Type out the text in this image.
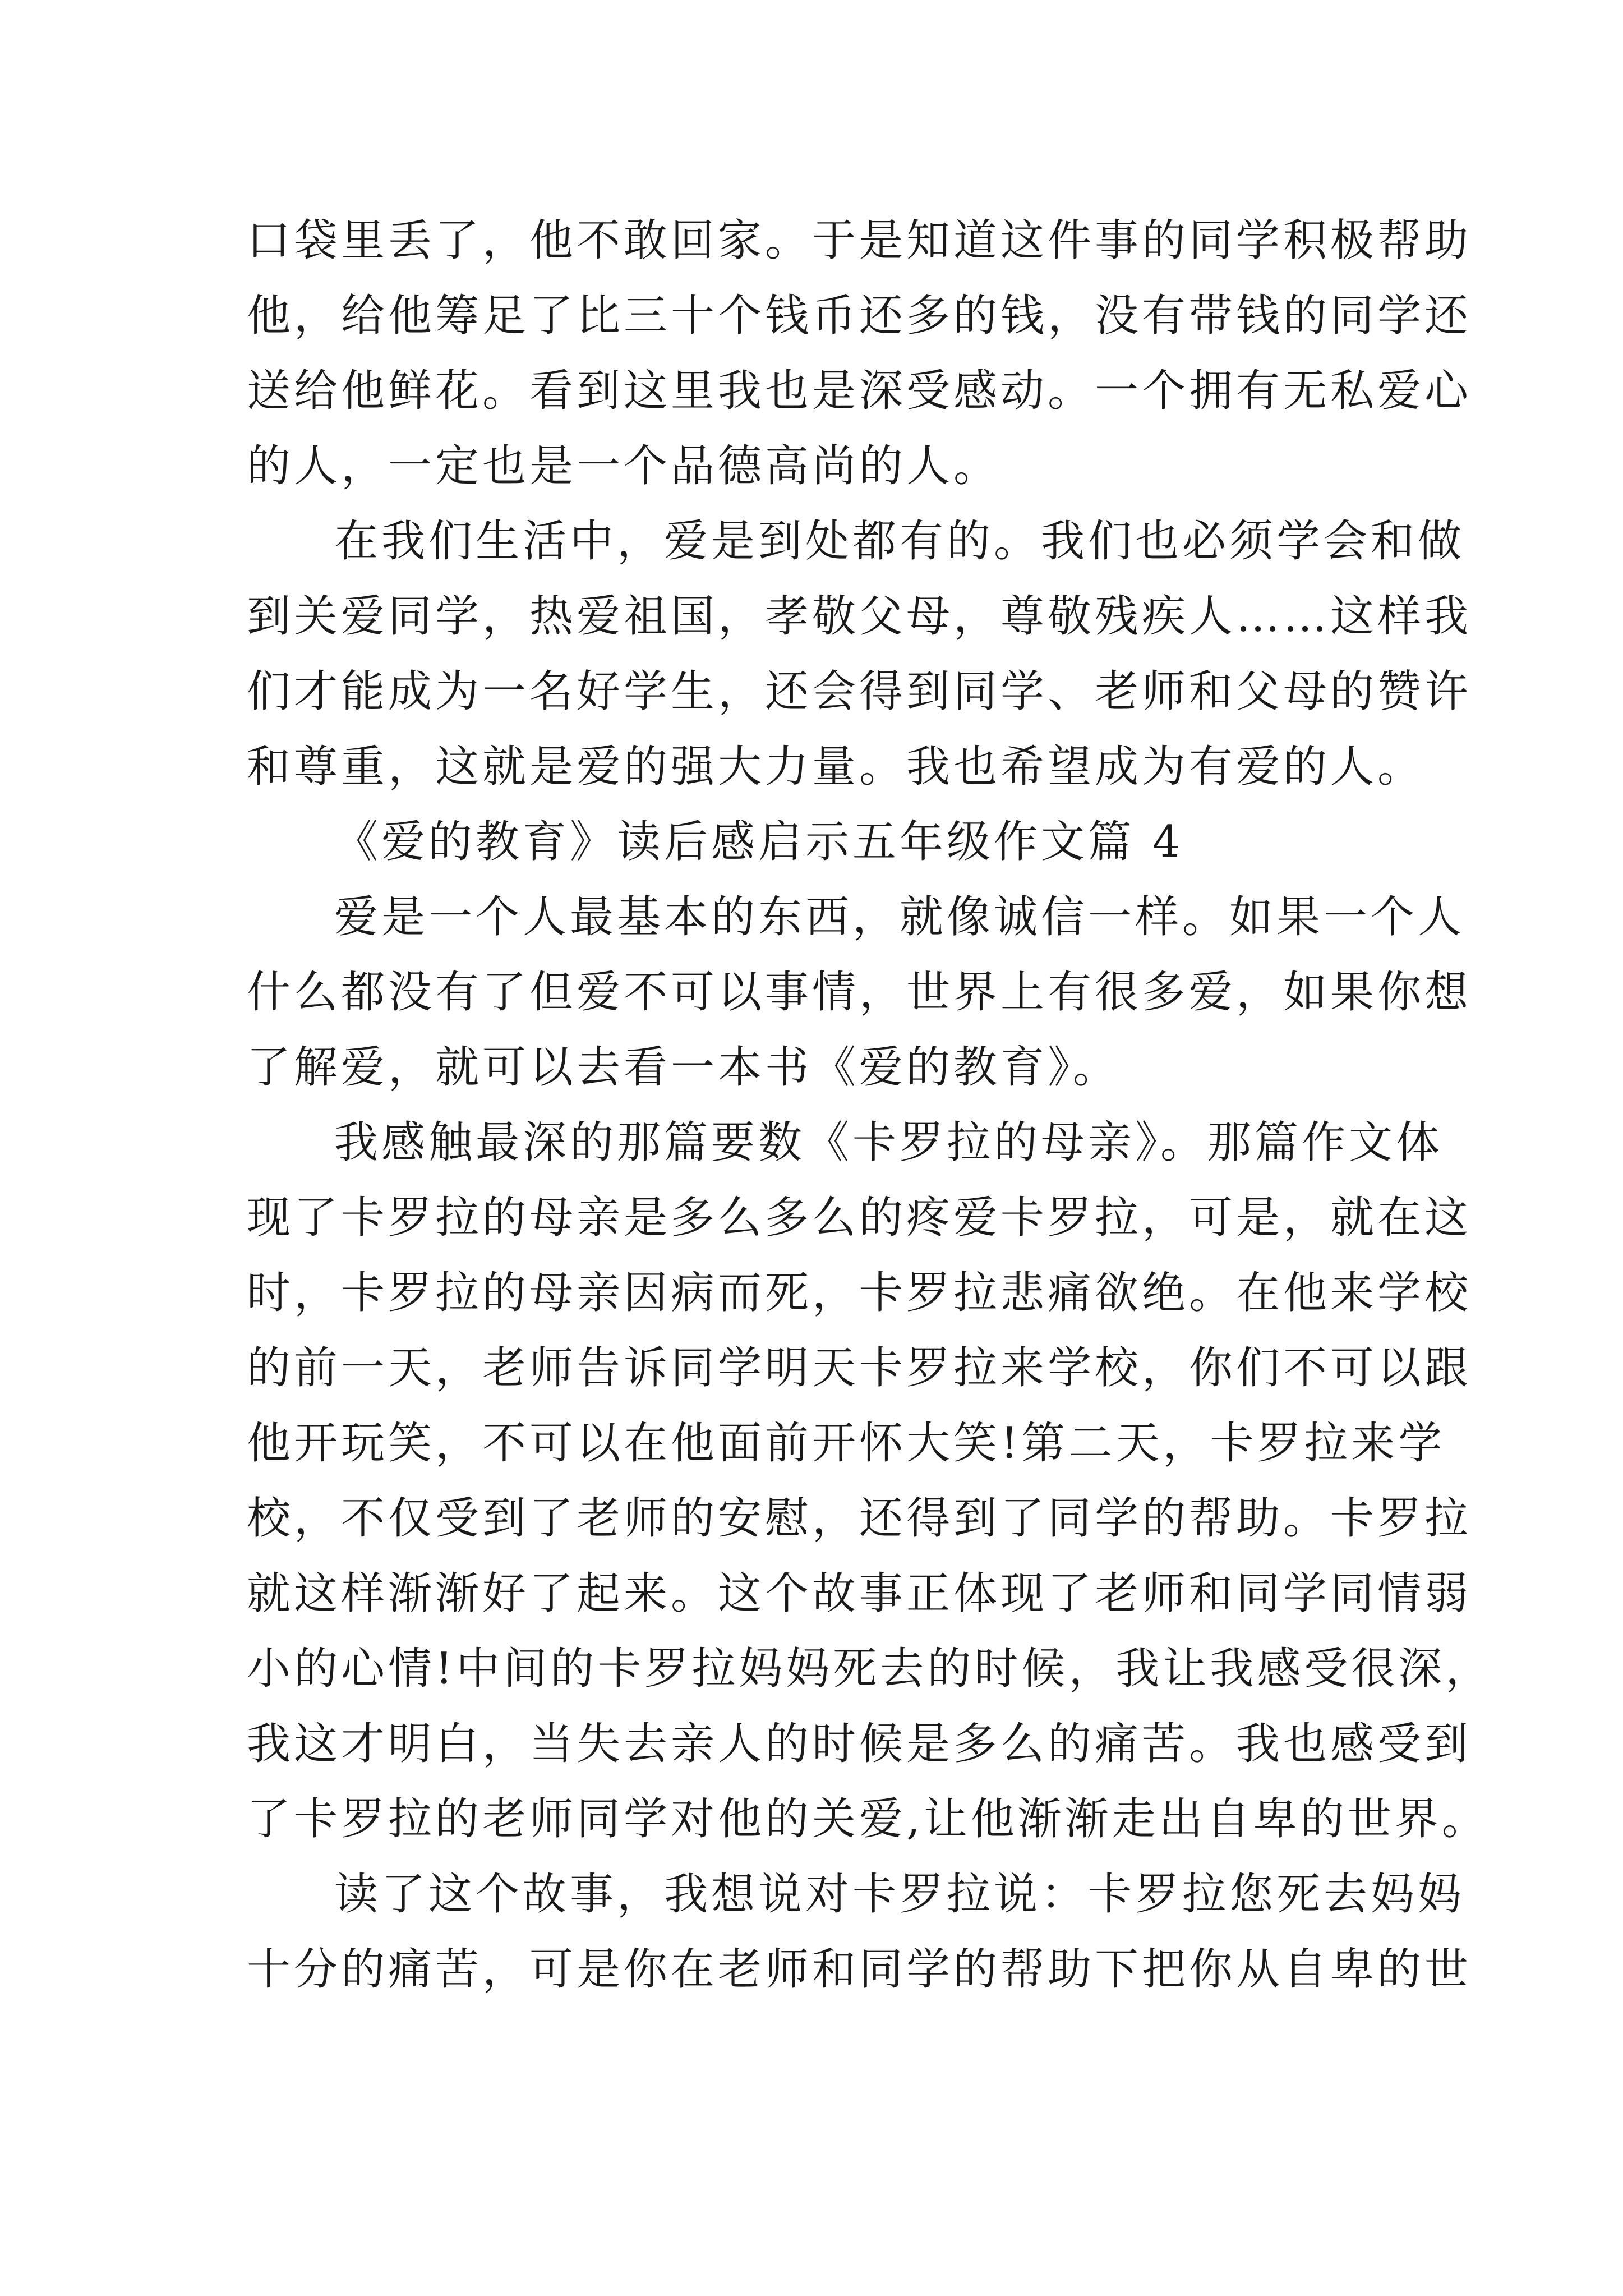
口袋里丢了，他不敢回家。于是知道这件事的同学积极帮助
他，给他筹足了比三十个钱币还多的钱，没有带钱的同学还
送给他鲜花。看到这里我也是深受感动。一个拥有无私爱心
的人，一定也是一个品德高尚的人。
在我们生活中，爱是到处都有的。我们也必须学会和做
到关爱同学，热爱祖国，孝敬父母，尊敬残疾人……这样我
们才能成为一名好学生，还会得到同学、老师和父母的赞许
和尊重，这就是爱的强大力量。我也希望成为有爱的人。
《爱的教育》读后感启示五年级作文篇 4
爱是一个人最基本的东西，就像诚信一样。如果一个人
什么都没有了但爱不可以事情，世界上有很多爱，如果你想
了解爱，就可以去看一本书《爱的教育》。
我感触最深的那篇要数《卡罗拉的母亲》。那篇作文体
现了卡罗拉的母亲是多么多么的疼爱卡罗拉，可是，就在这
时，卡罗拉的母亲因病而死，卡罗拉悲痛欲绝。在他来学校
的前一天，老师告诉同学明天卡罗拉来学校，你们不可以跟
他开玩笑，不可以在他面前开怀大笑!第二天，卡罗拉来学
校，不仅受到了老师的安慰，还得到了同学的帮助。卡罗拉
就这样渐渐好了起来。这个故事正体现了老师和同学同情弱
小的心情!中间的卡罗拉妈妈死去的时候，我让我感受很深，
我这才明白，当失去亲人的时候是多么的痛苦。我也感受到
了卡罗拉的老师同学对他的关爱,让他渐渐走出自卑的世界。
读了这个故事，我想说对卡罗拉说：卡罗拉您死去妈妈
十分的痛苦，可是你在老师和同学的帮助下把你从自卑的世
